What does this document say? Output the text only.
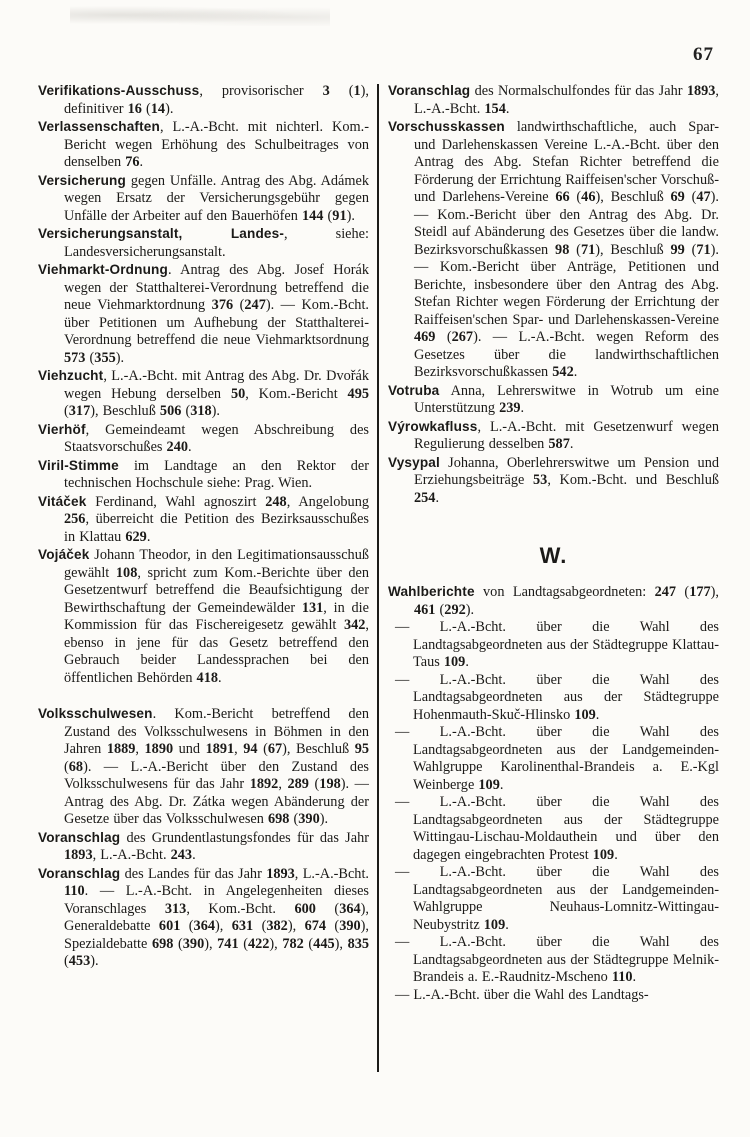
67

Verifikations-Ausschuss, provisorischer 3 (1), definitiver 16 (14).

Verlassenschaften, L.-A.-Bcht. mit nichterl. Kom.-Bericht wegen Erhöhung des Schulbeitrages von denselben 76.

Versicherung gegen Unfälle. Antrag des Abg. Adámek wegen Ersatz der Versicherungsgebühr gegen Unfälle der Arbeiter auf den Bauerhöfen 144 (91).

Versicherungsanstalt, Landes-, siehe: Landesversicherungsanstalt.

Viehmarkt-Ordnung. Antrag des Abg. Josef Horák wegen der Statthalterei-Verordnung betreffend die neue Viehmarktordnung 376 (247). — Kom.-Bcht. über Petitionen um Aufhebung der Statthalterei-Verordnung betreffend die neue Viehmarktsordnung 573 (355).

Viehzucht, L.-A.-Bcht. mit Antrag des Abg. Dr. Dvořák wegen Hebung derselben 50, Kom.-Bericht 495 (317), Beschluß 506 (318).

Vierhöf, Gemeindeamt wegen Abschreibung des Staatsvorschußes 240.

Viril-Stimme im Landtage an den Rektor der technischen Hochschule siehe: Prag. Wien.

Vitáček Ferdinand, Wahl agnoszirt 248, Angelobung 256, überreicht die Petition des Bezirksausschußes in Klattau 629.

Vojáček Johann Theodor, in den Legitimationsausschuß gewählt 108, spricht zum Kom.-Berichte über den Gesetzentwurf betreffend die Beaufsichtigung der Bewirthschaftung der Gemeindewälder 131, in die Kommission für das Fischereigesetz gewählt 342, ebenso in jene für das Gesetz betreffend den Gebrauch beider Landessprachen bei den öffentlichen Behörden 418.

Volksschulwesen. Kom.-Bericht betreffend den Zustand des Volksschulwesens in Böhmen in den Jahren 1889, 1890 und 1891, 94 (67), Beschluß 95 (68). — L.-A.-Bericht über den Zustand des Volksschulwesens für das Jahr 1892, 289 (198). — Antrag des Abg. Dr. Zátka wegen Abänderung der Gesetze über das Volksschulwesen 698 (390).

Voranschlag des Grundentlastungsfondes für das Jahr 1893, L.-A.-Bcht. 243.

Voranschlag des Landes für das Jahr 1893, L.-A.-Bcht. 110. — L.-A.-Bcht. in Angelegenheiten dieses Voranschlages 313, Kom.-Bcht. 600 (364), Generaldebatte 601 (364), 631 (382), 674 (390), Spezialdebatte 698 (390), 741 (422), 782 (445), 835 (453).

Voranschlag des Normalschulfondes für das Jahr 1893, L.-A.-Bcht. 154.

Vorschusskassen landwirthschaftliche, auch Spar- und Darlehenskassen Vereine L.-A.-Bcht. über den Antrag des Abg. Stefan Richter betreffend die Förderung der Errichtung Raiffeisen'scher Vorschuß- und Darlehens-Vereine 66 (46), Beschluß 69 (47). — Kom.-Bericht über den Antrag des Abg. Dr. Steidl auf Abänderung des Gesetzes über die landw. Bezirksvorschußkassen 98 (71), Beschluß 99 (71). — Kom.-Bericht über Anträge, Petitionen und Berichte, insbesondere über den Antrag des Abg. Stefan Richter wegen Förderung der Errichtung der Raiffeisen'schen Spar- und Darlehenskassen-Vereine 469 (267). — L.-A.-Bcht. wegen Reform des Gesetzes über die landwirthschaftlichen Bezirksvorschußkassen 542.

Votruba Anna, Lehrerswitwe in Wotrub um eine Unterstützung 239.

Výrowkafluss, L.-A.-Bcht. mit Gesetzenwurf wegen Regulierung desselben 587.

Vysypal Johanna, Oberlehrerswitwe um Pension und Erziehungsbeiträge 53, Kom.-Bcht. und Beschluß 254.

W.

Wahlberichte von Landtagsabgeordneten: 247 (177), 461 (292).

— L.-A.-Bcht. über die Wahl des Landtagsabgeordneten aus der Städtegruppe Klattau-Taus 109.

— L.-A.-Bcht. über die Wahl des Landtagsabgeordneten aus der Städtegruppe Hohenmauth-Skuč-Hlinsko 109.

— L.-A.-Bcht. über die Wahl des Landtagsabgeordneten aus der Landgemeinden-Wahlgruppe Karolinenthal-Brandeis a. E.-Kgl Weinberge 109.

— L.-A.-Bcht. über die Wahl des Landtagsabgeordneten aus der Städtegruppe Wittingau-Lischau-Moldauthein und über den dagegen eingebrachten Protest 109.

— L.-A.-Bcht. über die Wahl des Landtagsabgeordneten aus der Landgemeinden-Wahlgruppe Neuhaus-Lomnitz-Wittingau-Neubystritz 109.

— L.-A.-Bcht. über die Wahl des Landtagsabgeordneten aus der Städtegruppe Melnik-Brandeis a. E.-Raudnitz-Mscheno 110.

— L.-A.-Bcht. über die Wahl des Landtags-
